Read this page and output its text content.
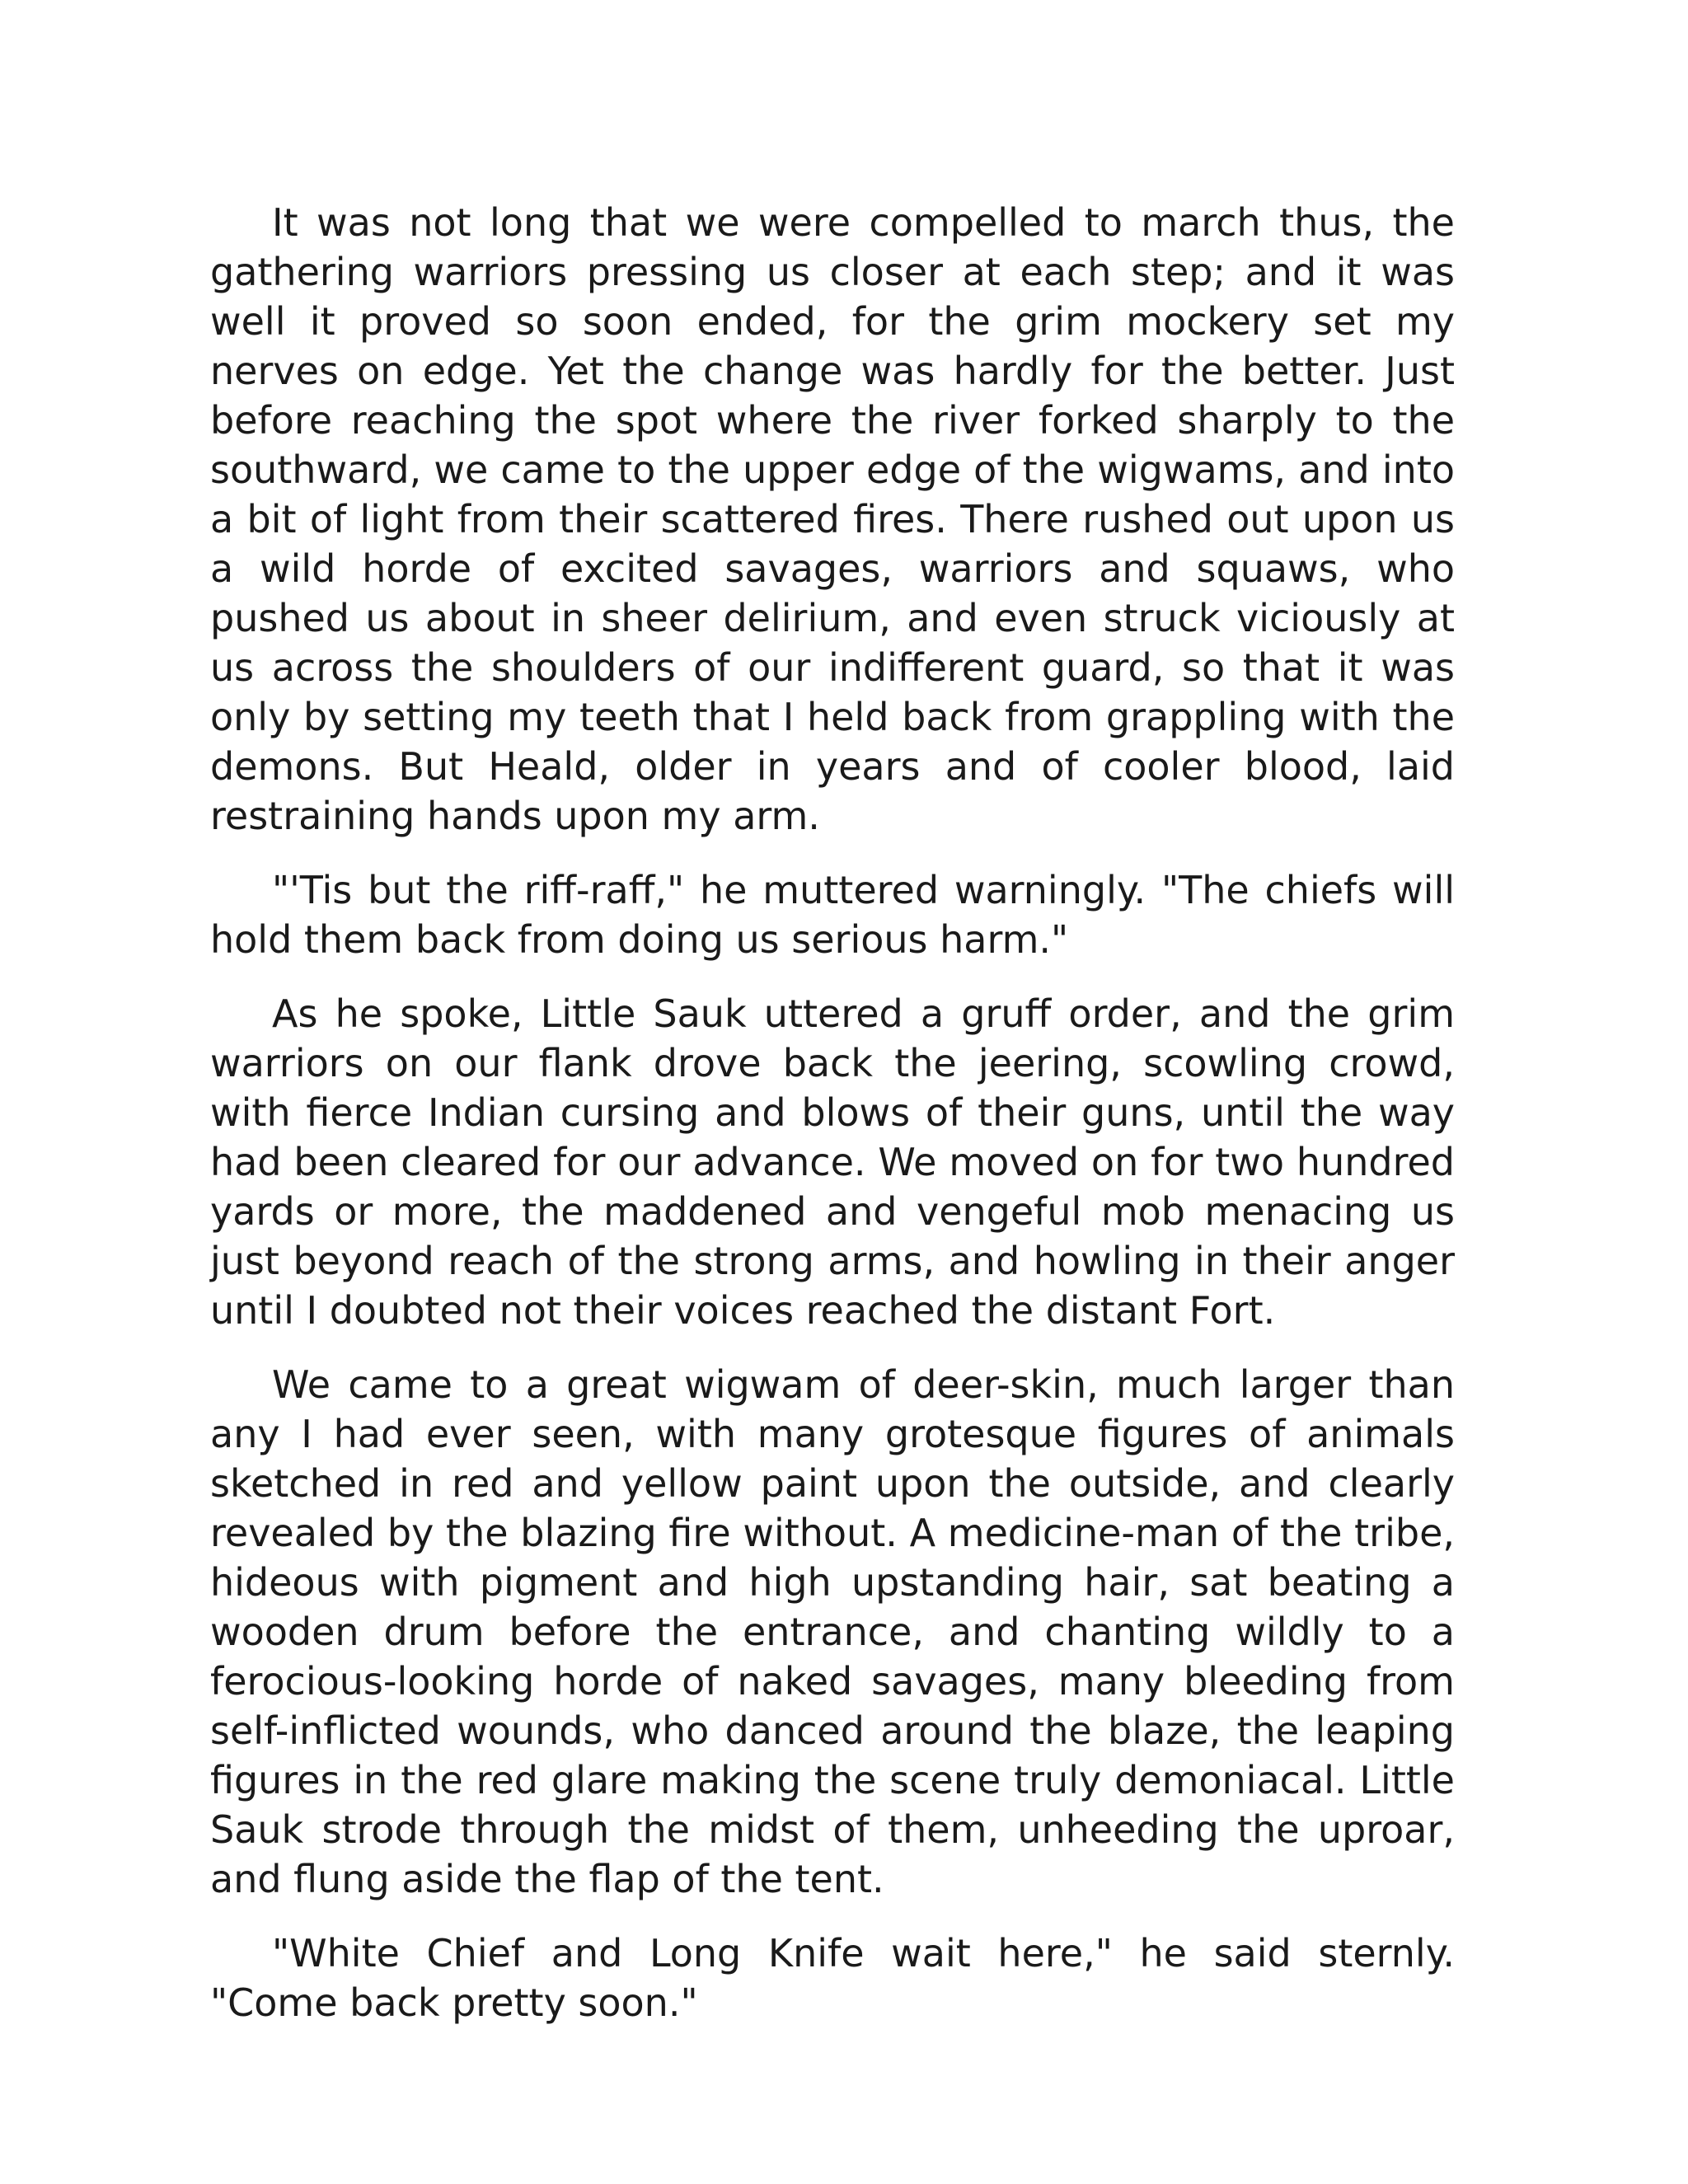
It was not long that we were compelled to march thus, the gathering warriors pressing us closer at each step; and it was well it proved so soon ended, for the grim mockery set my nerves on edge. Yet the change was hardly for the better. Just before reaching the spot where the river forked sharply to the southward, we came to the upper edge of the wigwams, and into a bit of light from their scattered fires. There rushed out upon us a wild horde of excited savages, warriors and squaws, who pushed us about in sheer delirium, and even struck viciously at us across the shoulders of our indifferent guard, so that it was only by setting my teeth that I held back from grappling with the demons. But Heald, older in years and of cooler blood, laid restraining hands upon my arm.

"'Tis but the riff-raff," he muttered warningly. "The chiefs will hold them back from doing us serious harm."

As he spoke, Little Sauk uttered a gruff order, and the grim warriors on our flank drove back the jeering, scowling crowd, with fierce Indian cursing and blows of their guns, until the way had been cleared for our advance. We moved on for two hundred yards or more, the maddened and vengeful mob menacing us just beyond reach of the strong arms, and howling in their anger until I doubted not their voices reached the distant Fort.

We came to a great wigwam of deer-skin, much larger than any I had ever seen, with many grotesque figures of animals sketched in red and yellow paint upon the outside, and clearly revealed by the blazing fire without. A medicine-man of the tribe, hideous with pigment and high upstanding hair, sat beating a wooden drum before the entrance, and chanting wildly to a ferocious-looking horde of naked savages, many bleeding from self-inflicted wounds, who danced around the blaze, the leaping figures in the red glare making the scene truly demoniacal. Little Sauk strode through the midst of them, unheeding the uproar, and flung aside the flap of the tent.

"White Chief and Long Knife wait here," he said sternly. "Come back pretty soon."
